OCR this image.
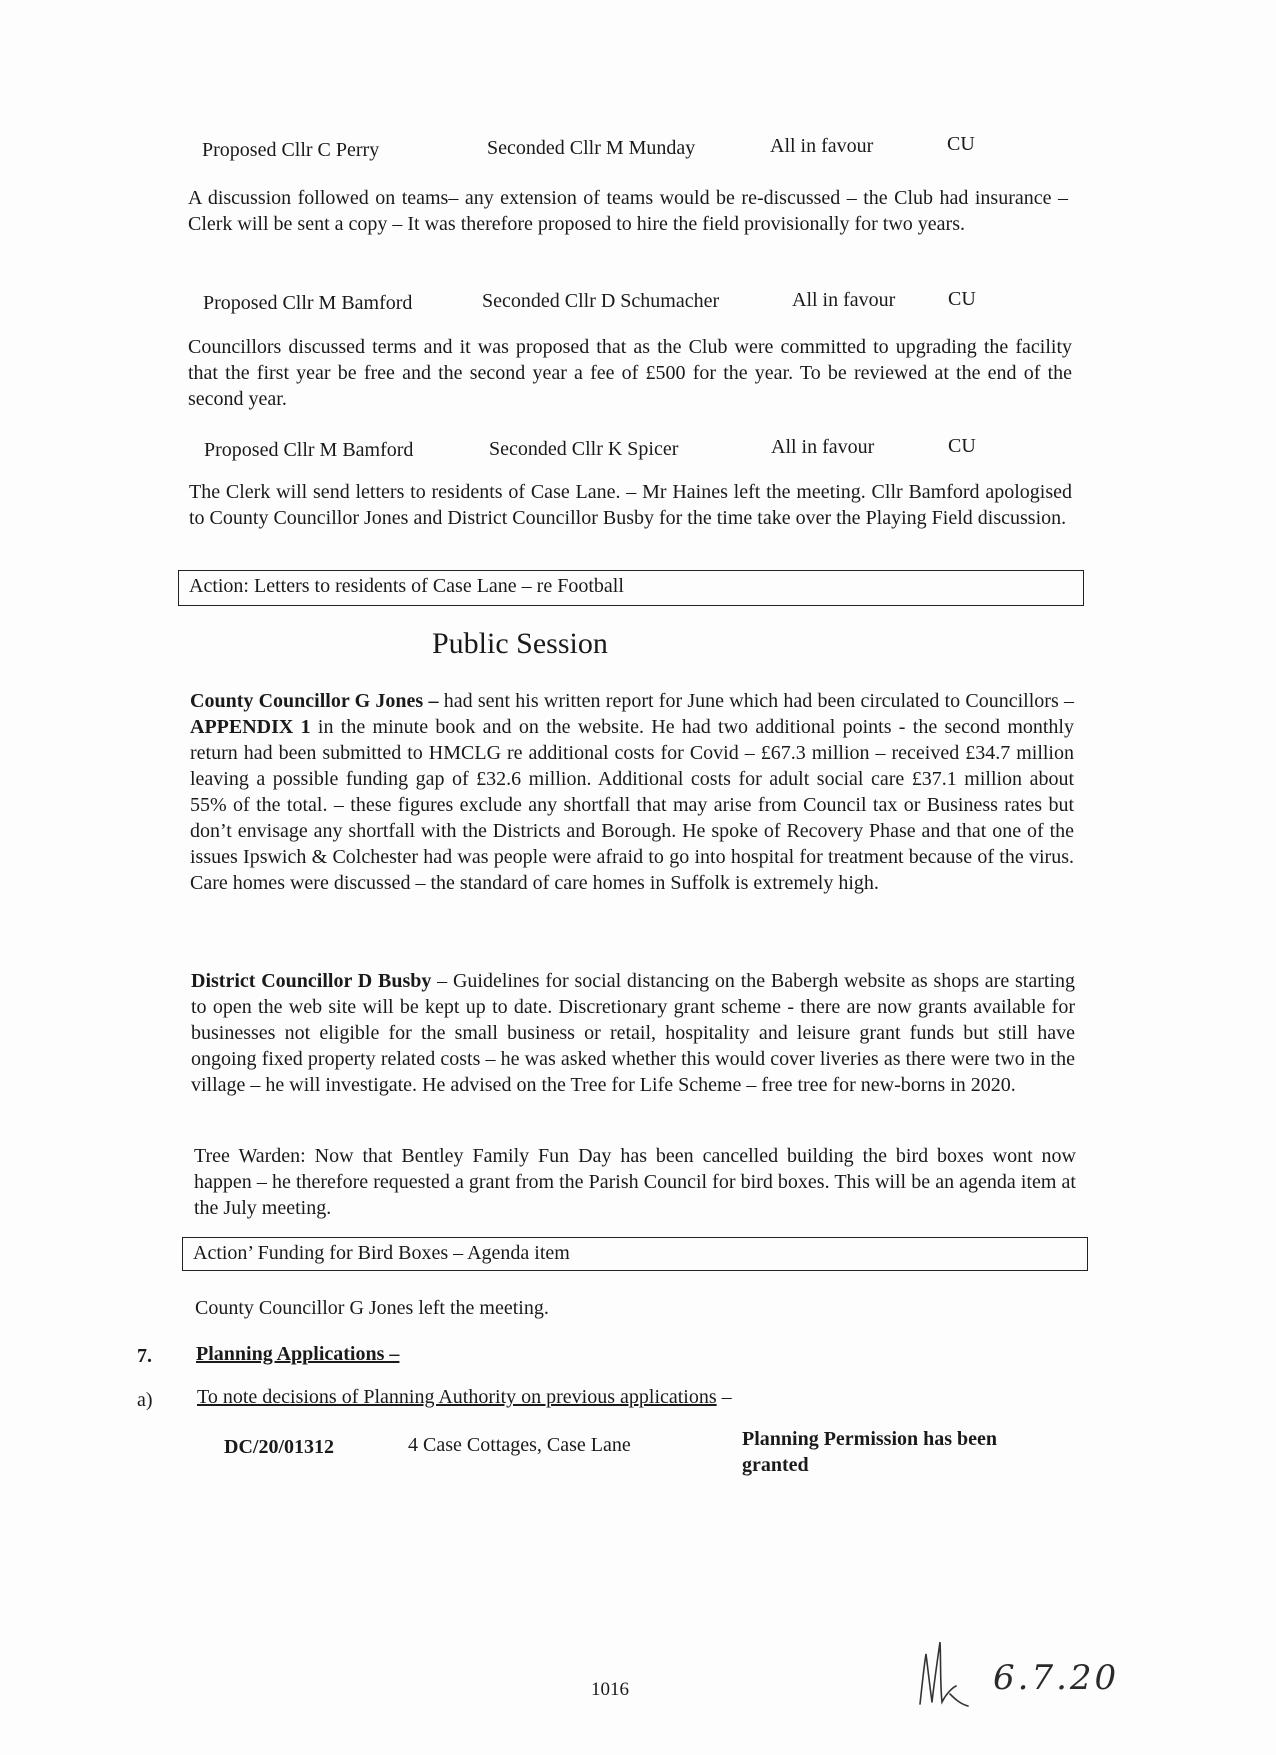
Proposed Cllr C Perry	Seconded Cllr M Munday	All in favour	CU
A discussion followed on teams– any extension of teams would be re-discussed – the Club had insurance – Clerk will be sent a copy – It was therefore proposed to hire the field provisionally for two years.
Proposed Cllr M Bamford	Seconded Cllr D Schumacher	All in favour	CU
Councillors discussed terms and it was proposed that as the Club were committed to upgrading the facility that the first year be free and the second year a fee of £500 for the year. To be reviewed at the end of the second year.
Proposed Cllr M Bamford	Seconded Cllr K Spicer	All in favour	CU
The Clerk will send letters to residents of Case Lane. – Mr Haines left the meeting. Cllr Bamford apologised to County Councillor Jones and District Councillor Busby for the time take over the Playing Field discussion.
Action: Letters to residents of Case Lane – re Football
Public Session
County Councillor G Jones – had sent his written report for June which had been circulated to Councillors – APPENDIX 1 in the minute book and on the website. He had two additional points - the second monthly return had been submitted to HMCLG re additional costs for Covid – £67.3 million – received £34.7 million leaving a possible funding gap of £32.6 million. Additional costs for adult social care £37.1 million about 55% of the total. – these figures exclude any shortfall that may arise from Council tax or Business rates but don’t envisage any shortfall with the Districts and Borough. He spoke of Recovery Phase and that one of the issues Ipswich & Colchester had was people were afraid to go into hospital for treatment because of the virus. Care homes were discussed – the standard of care homes in Suffolk is extremely high.
District Councillor D Busby – Guidelines for social distancing on the Babergh website as shops are starting to open the web site will be kept up to date. Discretionary grant scheme - there are now grants available for businesses not eligible for the small business or retail, hospitality and leisure grant funds but still have ongoing fixed property related costs – he was asked whether this would cover liveries as there were two in the village – he will investigate. He advised on the Tree for Life Scheme – free tree for new-borns in 2020.
Tree Warden: Now that Bentley Family Fun Day has been cancelled building the bird boxes wont now happen – he therefore requested a grant from the Parish Council for bird boxes. This will be an agenda item at the July meeting.
Action’ Funding for Bird Boxes – Agenda item
County Councillor G Jones left the meeting.
7. Planning Applications –
a) To note decisions of Planning Authority on previous applications –
DC/20/01312	4 Case Cottages, Case Lane	Planning Permission has been granted
1016	6.7.20
